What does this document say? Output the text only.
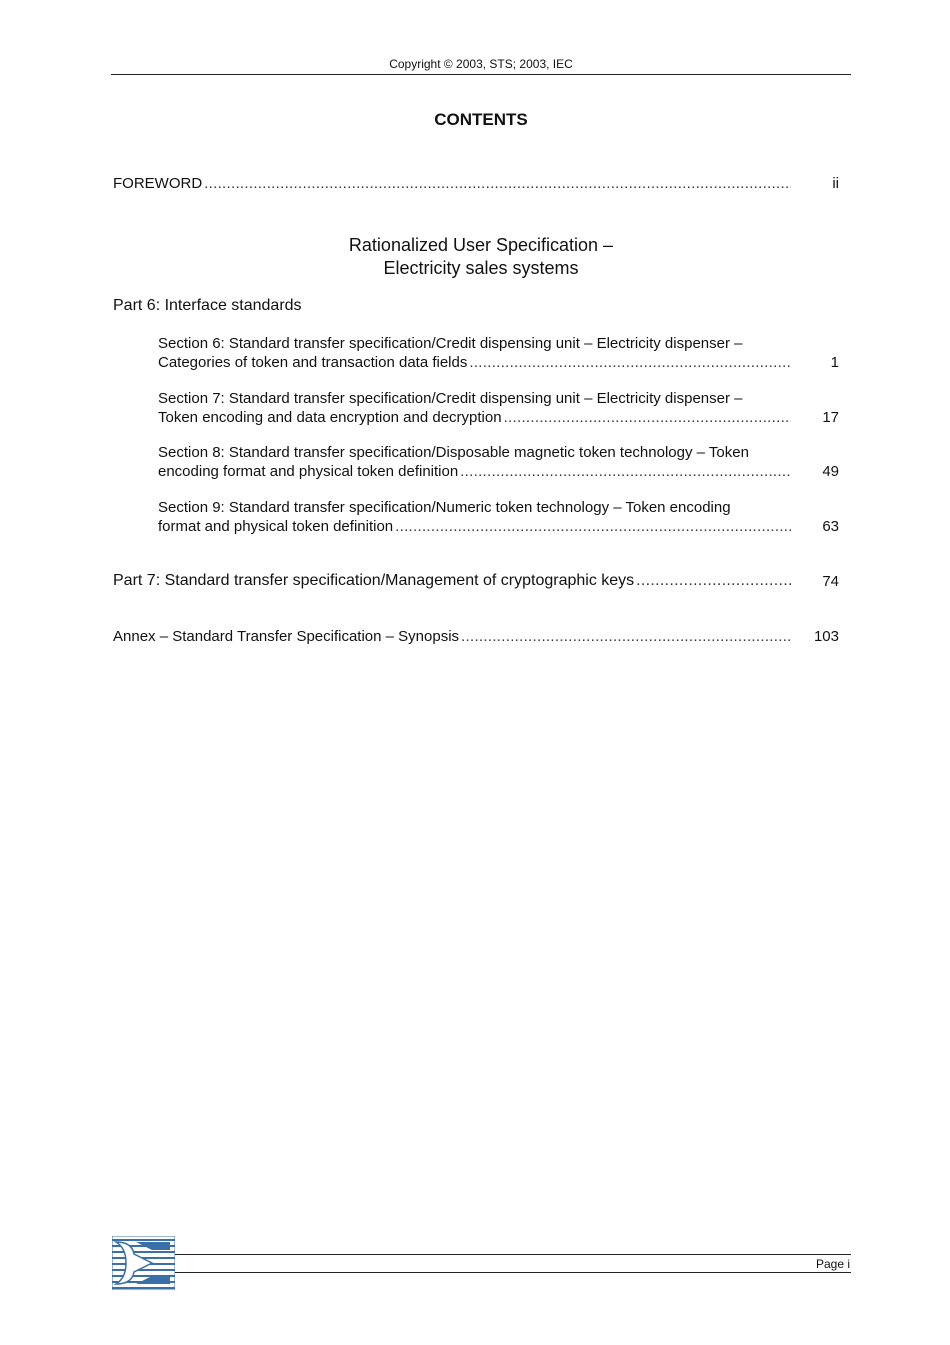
Copyright © 2003, STS; 2003, IEC
CONTENTS
FOREWORD .....	ii
Rationalized User Specification –
Electricity sales systems
Part 6: Interface standards
Section 6: Standard transfer specification/Credit dispensing unit – Electricity dispenser –
Categories of token and transaction data fields .....	1
Section 7: Standard transfer specification/Credit dispensing unit – Electricity dispenser –
Token encoding and data encryption and decryption .....	17
Section 8: Standard transfer specification/Disposable magnetic token technology – Token
encoding format and physical token definition .....	49
Section 9: Standard transfer specification/Numeric token technology – Token encoding
format and physical token definition .....	63
Part 7: Standard transfer specification/Management of cryptographic keys .....	74
Annex – Standard Transfer Specification – Synopsis .....	103
Page i
